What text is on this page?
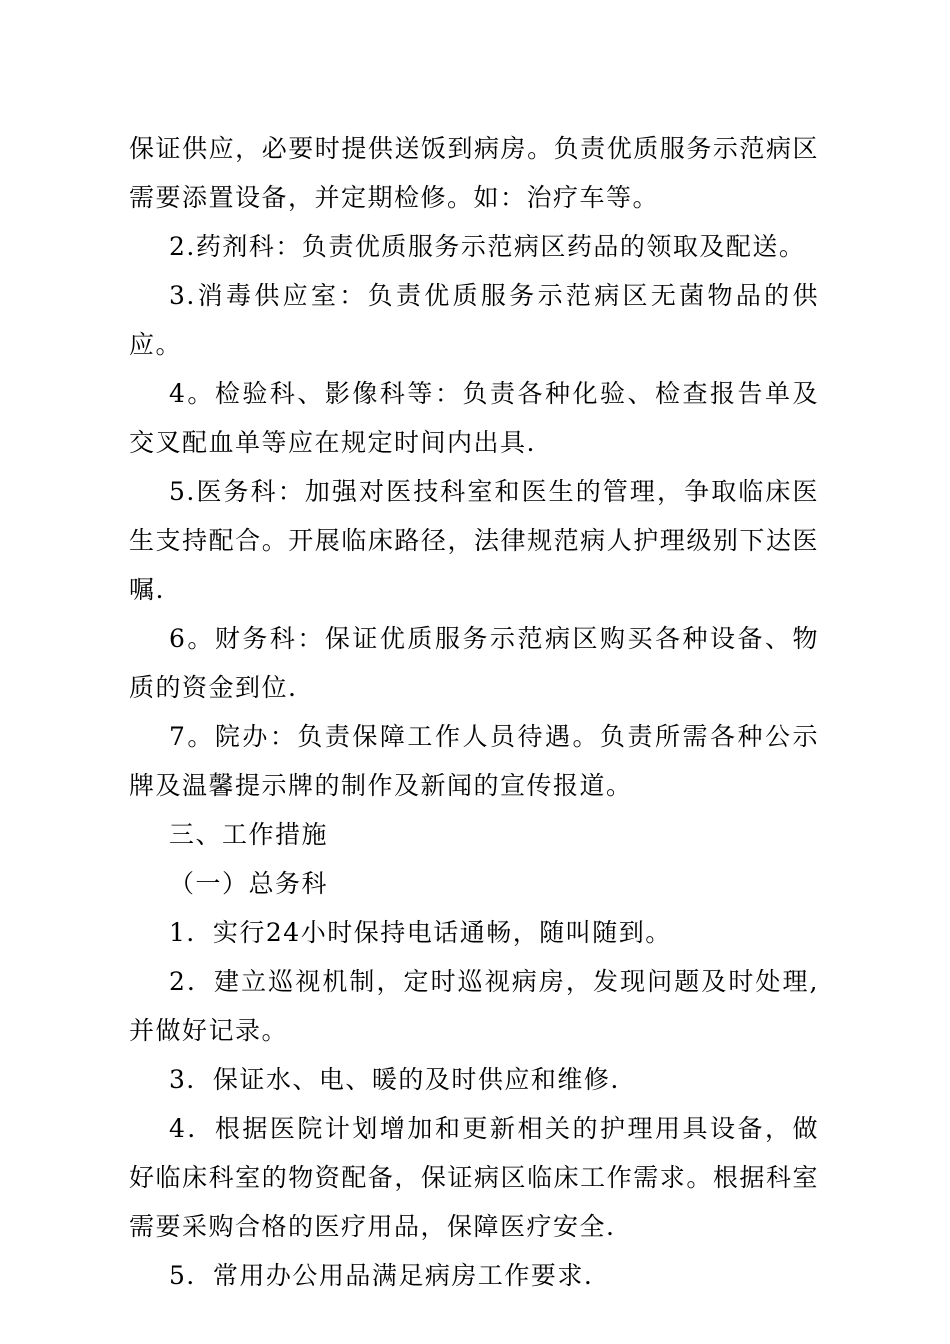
保证供应，必要时提供送饭到病房。负责优质服务示范病区需要添置设备，并定期检修。如：治疗车等。

2.药剂科：负责优质服务示范病区药品的领取及配送。

3.消毒供应室：负责优质服务示范病区无菌物品的供应。

4。检验科、影像科等：负责各种化验、检查报告单及交叉配血单等应在规定时间内出具.

5.医务科：加强对医技科室和医生的管理，争取临床医生支持配合。开展临床路径，法律规范病人护理级别下达医嘱.

6。财务科：保证优质服务示范病区购买各种设备、物质的资金到位.

7。院办：负责保障工作人员待遇。负责所需各种公示牌及温馨提示牌的制作及新闻的宣传报道。

三、工作措施

（一）总务科

1．实行24小时保持电话通畅，随叫随到。

2．建立巡视机制，定时巡视病房，发现问题及时处理,并做好记录。

3．保证水、电、暖的及时供应和维修.

4．根据医院计划增加和更新相关的护理用具设备，做好临床科室的物资配备，保证病区临床工作需求。根据科室需要采购合格的医疗用品，保障医疗安全.

5．常用办公用品满足病房工作要求.
